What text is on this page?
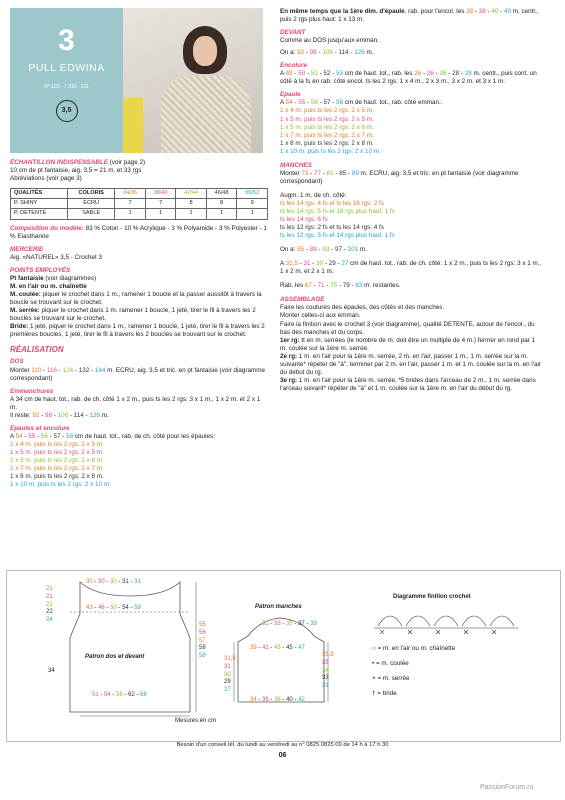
3
PULL EDWINA
N° 102 · 7 310 · 211
3,5

ÉCHANTILLON INDISPENSABLE (voir page 2)

10 cm de pt fantaisie, aig. 3,5 = 21 m. et 33 rgs

Abréviations (voir page 3)

QUALITÉS	COLORIS	34/36	38/40	42/44	46/48	50/52
P. SHINY	ECRU	7	7	8	8	9
P. DETENTE	SABLE	1	1	1	1	1

Composition du modèle: 83 % Coton - 10 % Acrylique - 3 % Polyamide - 3 % Polyester - 1 % Elasthanne

MERCERIE

Aig. «NATUREL» 3,5 - Crochet 3

POINTS EMPLOYÉS

Pt fantaisie (voir diagrammes)

M. en l'air ou m. chaînette

M. coulée: piquer le crochet dans 1 m., ramener 1 boucle et la passer aussitôt à travers la boucle se trouvant sur le crochet.

M. serrée: piquer le crochet dans 1 m. ramener 1 boucle, 1 jeté, tirer le fil à travers les 2 boucles se trouvant sur le crochet.

Bride: 1 jeté, piquer le crochet dans 1 m., ramener 1 boucle, 1 jeté, tirer le fil à travers les 2 premières boucles, 1 jeté, tirer le fil à travers les 2 boucles se trouvant sur le crochet.

RÉALISATION

DOS

Monter 110 - 116 - 124 - 132 - 144 m. ECRU, aig. 3,5 et tric. en pt fantaisie (voir diagramme correspondant)

Emmanchures

A 34 cm de haut. tot., rab. de ch. côté 1 x 2 m., puis ts les 2 rgs: 3 x 1 m., 1 x 2 m. et 2 x 1 m.

Il reste: 92 - 98 - 106 - 114 - 126 m.

Epaules et encolure

A 54 - 55 - 56 - 57 - 58 cm de haut. tot., rab. de ch. côté pour les épaules:

1 x 4 m. puis ts les 2 rgs: 2 x 5 m.

1 x 5 m. puis ts les 2 rgs: 2 x 5 m.

1 x 5 m. puis ts les 2 rgs: 2 x 6 m.

1 x 7 m. puis ts les 2 rgs: 2 x 7 m.

1 x 8 m. puis ts les 2 rgs: 2 x 8 m.

1 x 10 m. puis ts les 2 rgs: 2 x 10 m.

En même temps que la 1ère dim. d'épaule, rab. pour l'encol. les 38 - 38 - 40 - 40 m. centr., puis 2 rgs plus haut: 1 x 13 m.

DEVANT

Comme au DOS jusqu'aux emman.

On a: 92 - 98 - 108 - 114 - 126 m.

Encolure

A 49 - 50 - 51 - 52 - 53 cm de haut. tot., rab. les 26 - 26 - 26 - 28 - 28 m. centr., puis cont. un côté à la fs en rab. côté encol. ts les 2 rgs: 1 x 4 m., 2 x 3 m., 3 x 2 m. et 3 x 1 m.

Epaule

A 54 - 55 - 56 - 57 - 58 cm de haut. tot., rab. côté emman.:

1 x 4 m. puis ts les 2 rgs: 2 x 5 m.

1 x 5 m. puis ts les 2 rgs: 2 x 5 m.

1 x 5 m. puis ts les 2 rgs: 2 x 6 m.

1 x 7 m. puis ts les 2 rgs: 2 x 7 m.

1 x 8 m. puis ts les 2 rgs: 2 x 8 m.

1 x 10 m. puis ts les 2 rgs: 2 x 10 m.

MANCHES

Monter 73 - 77 - 81 - 85 - 89 m. ECRU, aig. 3,5 et tric. en pt fantaisie (voir diagramme correspondant)

Augm. 1 m. de ch. côté:

ts les 14 rgs: 4 fs et ts les 16 rgs: 2 fs

ts les 14 rgs: 5 fs et 16 rgs plus haut: 1 fs

ts les 14 rgs: 6 fs

ts les 12 rgs: 2 fs et ts les 14 rgs: 4 fs

ts les 12 rgs: 5 fs et 14 rgs plus haut: 1 fs

On a: 85 - 89 - 93 - 97 - 101 m.

A 31,5 - 31 - 30 - 29 - 27 cm de haut. tot., rab. de ch. côté: 1 x 2 m., puis ts les 2 rgs: 3 x 1 m., 1 x 2 m. et 2 x 1 m.

Rab. les 67 - 71 - 75 - 79 - 83 m. restantes.

ASSEMBLAGE

Faire les coutures des épaules, des côtés et des manches.

Monter celles-ci aux emman.

Faire la finition avec le crochet 3 (voir diagramme), qualité DETENTE, autour de l'encol., du bas des manches et du corps.

1er rg: tt en m. serrées (le nombre de m. doit être un multiple de 4 m.) fermer en rond par 1 m. coulée sur la 1ère m. serrée.

2e rg: 1 m. en l'air pour la 1ère m. serrée, 2 m. en l'air, passer 1 m., 1 m. serrée sur la m. suivante* répéter de "à", terminer par 2 m. en l'air, passer 1 m. et 1 m. coulée sur la m. en l'air du début du rg.

3e rg: 1 m. en l'air pour la 1ère m. serrée, *5 brides dans l'arceau de 2 m., 1 m. serrée dans l'arceau suivant* répéter de "à" et 1 m. coulée sur la 1ère m. en l'air du début du rg.

30 - 30 - 30 - 31 - 31
43 - 46 - 50 - 54 - 59
Patron dos et devant
51 - 54 - 56 - 62 - 68
21
21
22
22
24
34
55
56
57
58
59
Mesures en cm
Patron manches
31 - 33 - 35 - 37 - 39
39 - 41 - 43 - 45 - 47
34 - 36 - 38 - 40 - 42
31,5
31
30
29
27
35,5
35
34
33
31
Diagramme finition crochet
○ = m. en l'air ou m. chaînette
• = m. coulée
× = m. serrée
† = bride
Besoin d'un conseil tél. du lundi au vendredi au n° 0825 0825 09 de 14 h à 17 h 30
06
PassionForum.ru
